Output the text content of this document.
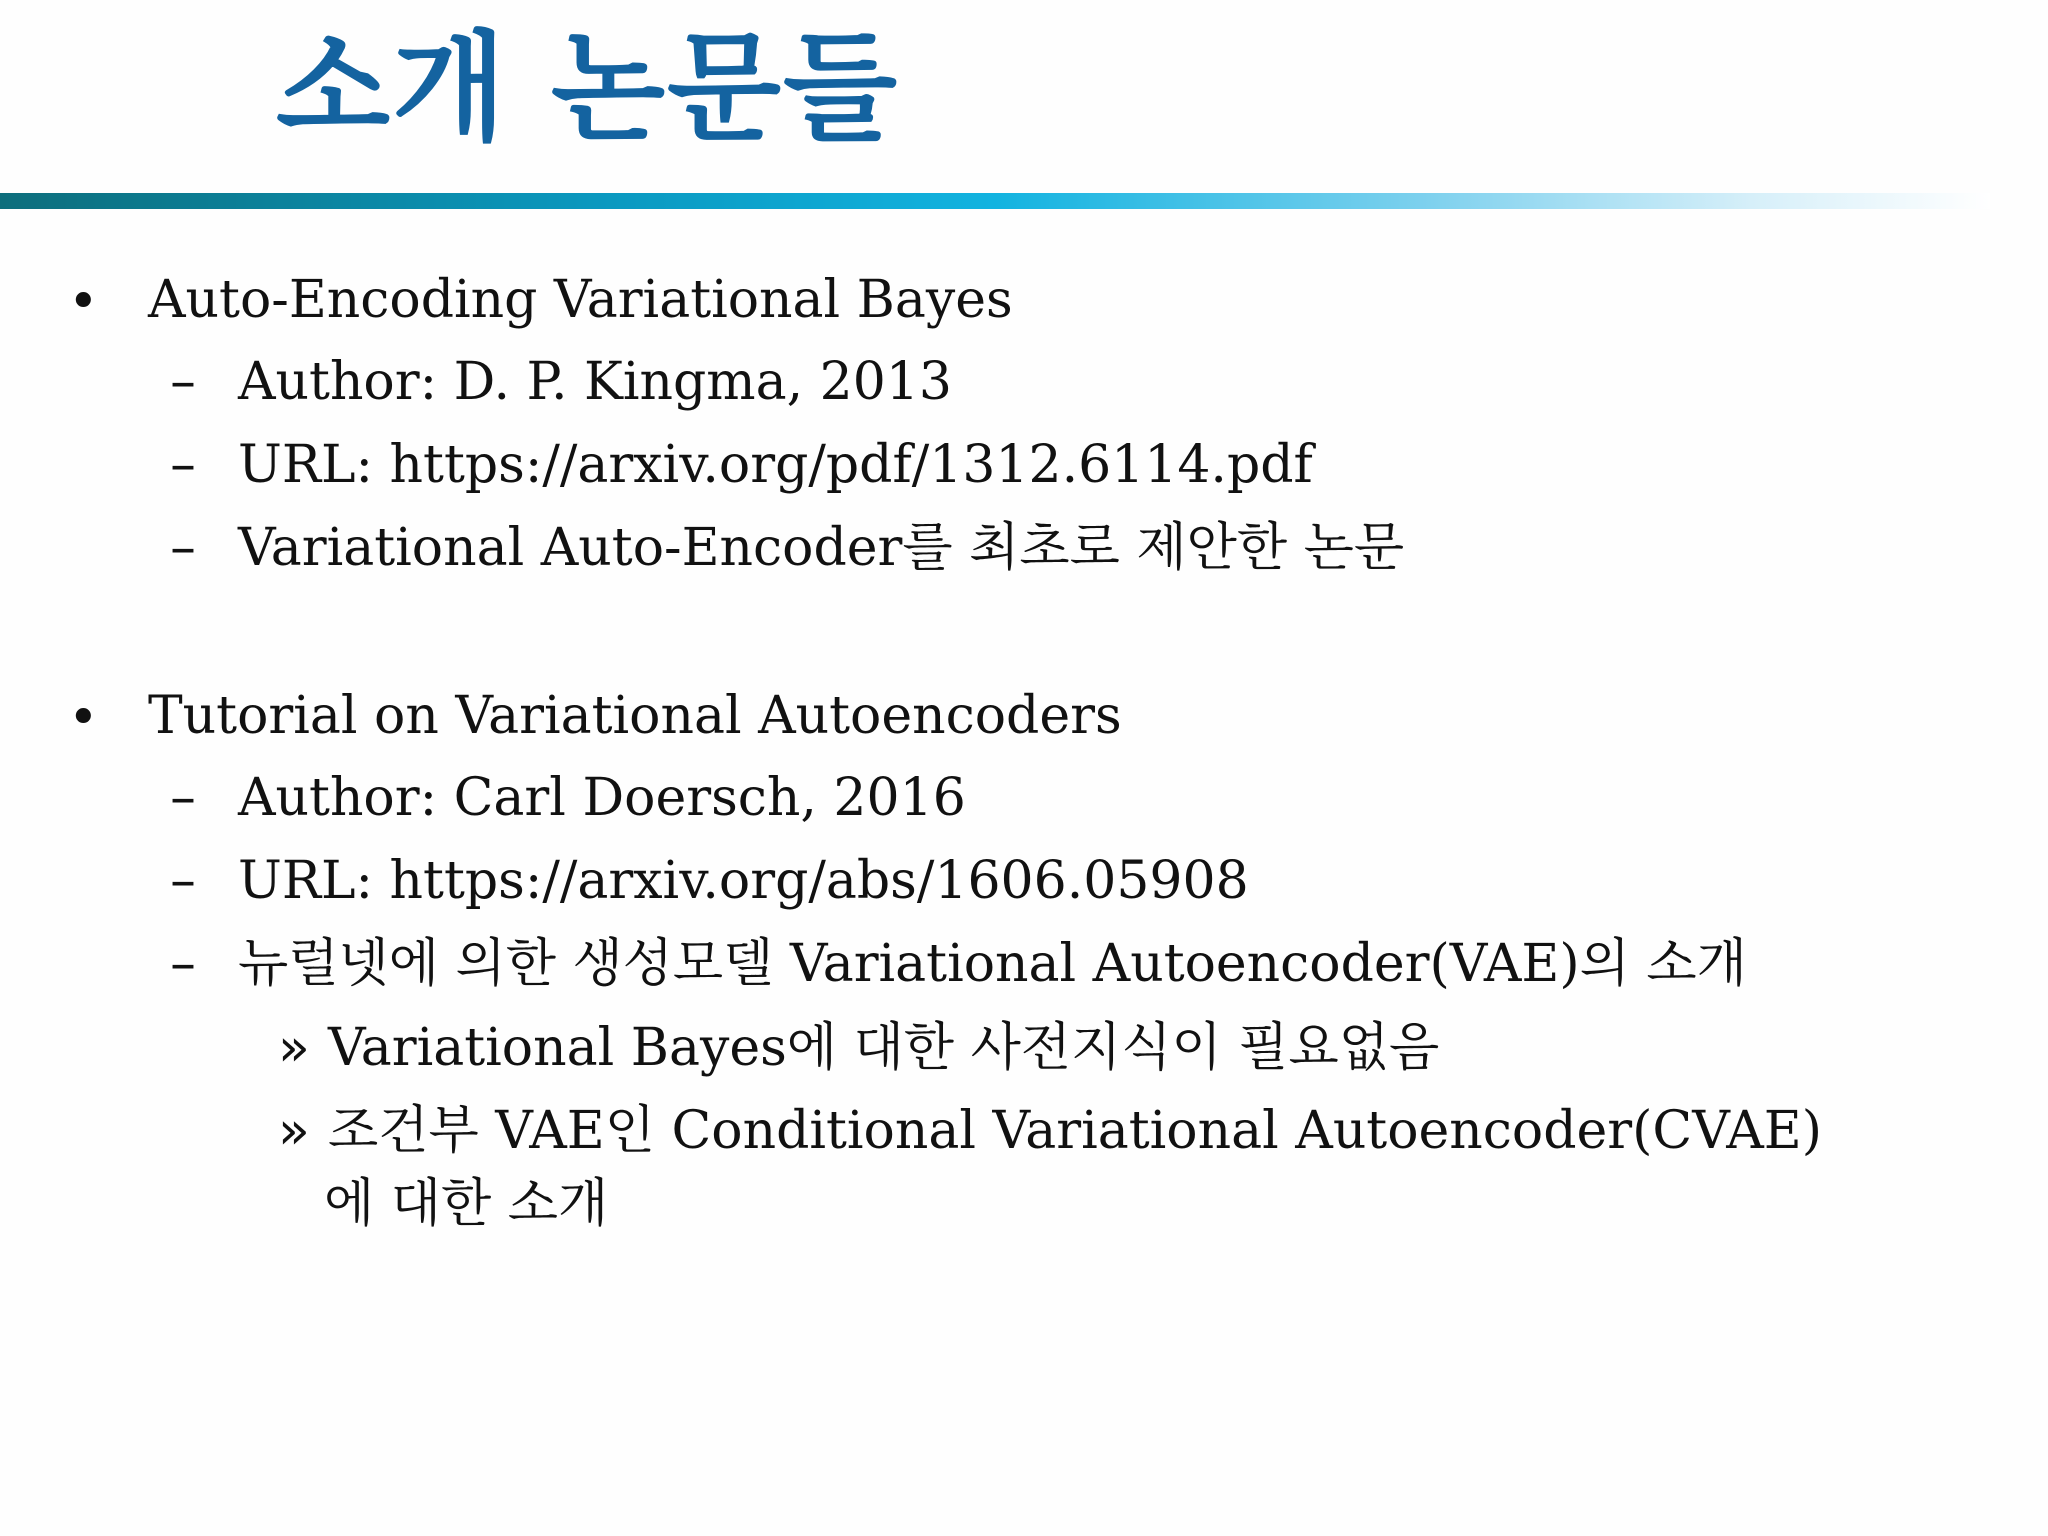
소개 논문들
• Auto-Encoding Variational Bayes
– Author: D. P. Kingma, 2013
– URL: https://arxiv.org/pdf/1312.6114.pdf
– Variational Auto-Encoder를 최초로 제안한 논문
• Tutorial on Variational Autoencoders
– Author: Carl Doersch, 2016
– URL: https://arxiv.org/abs/1606.05908
– 뉴럴넷에 의한 생성모델 Variational Autoencoder(VAE)의 소개
» Variational Bayes에 대한 사전지식이 필요없음
» 조건부 VAE인 Conditional Variational Autoencoder(CVAE)
에 대한 소개
